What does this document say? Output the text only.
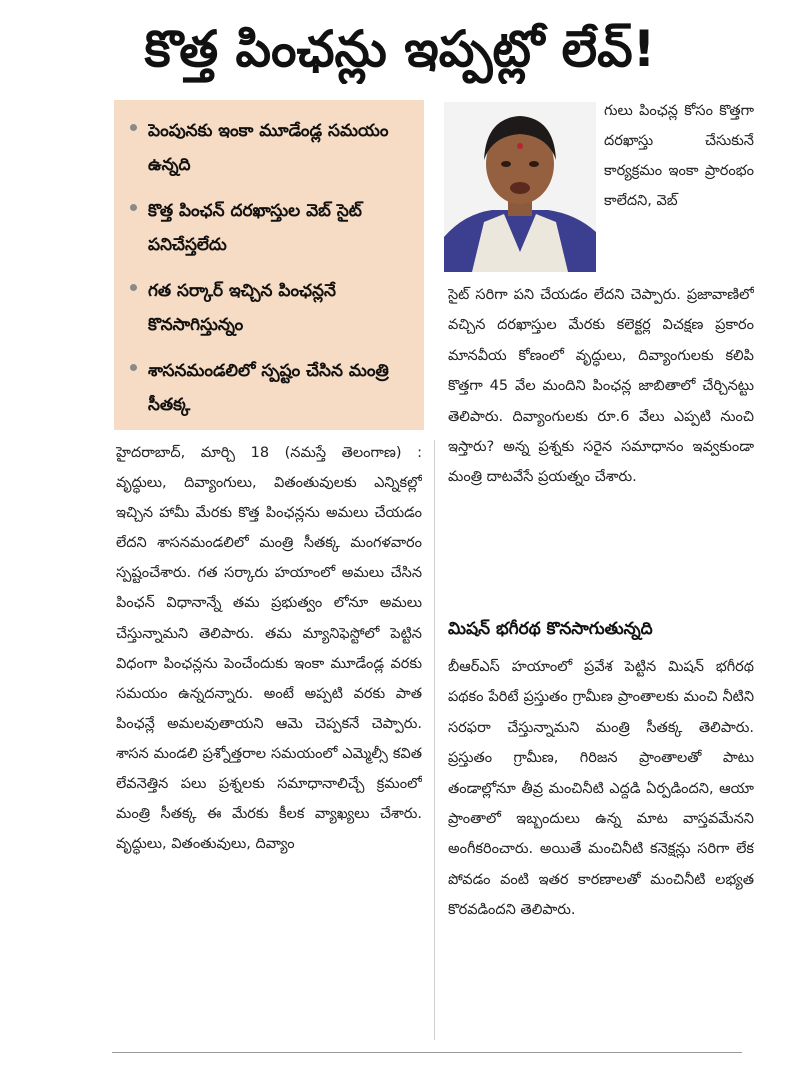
కొత్త పింఛన్లు ఇప్పట్లో లేవ్!
పెంపునకు ఇంకా మూడేండ్ల సమయం ఉన్నది
కొత్త పింఛన్ దరఖాస్తుల వెబ్ సైట్ పనిచేస్తలేదు
గత సర్కార్ ఇచ్చిన పింఛన్లనే కొనసాగిస్తున్నం
శాసనమండలిలో స్పష్టం చేసిన మంత్రి సీతక్క
హైదరాబాద్, మార్చి 18 (నమస్తే తెలంగాణ) : వృద్ధులు, దివ్యాంగులు, వితంతువులకు ఎన్నికల్లో ఇచ్చిన హామీ మేరకు కొత్త పింఛన్లను అమలు చేయడం లేదని శాసనమండలిలో మంత్రి సీతక్క మంగళవారం స్పష్టంచేశారు. గత సర్కారు హయాంలో అమలు చేసిన పింఛన్ విధానాన్నే తమ ప్రభుత్వం లోనూ అమలు చేస్తున్నామని తెలిపారు. తమ మ్యానిఫెస్టోలో పెట్టిన విధంగా పింఛన్లను పెంచేందుకు ఇంకా మూడేండ్ల వరకు సమయం ఉన్నదన్నారు. అంటే అప్పటి వరకు పాత పింఛన్లే అమలవుతాయని ఆమె చెప్పకనే చెప్పారు. శాసన మండలి ప్రశ్నోత్తరాల సమయంలో ఎమ్మెల్సీ కవిత లేవనెత్తిన పలు ప్రశ్నలకు సమాధానాలిచ్చే క్రమంలో మంత్రి సీతక్క ఈ మేరకు కీలక వ్యాఖ్యలు చేశారు. వృద్ధులు, వితంతువులు, దివ్యాం
గులు పింఛన్ల కోసం కొత్తగా దరఖాస్తు చేసుకునే కార్యక్రమం ఇంకా ప్రారంభం కాలేదని, వెబ్
సైట్ సరిగా పని చేయడం లేదని చెప్పారు. ప్రజావాణిలో వచ్చిన దరఖాస్తుల మేరకు కలెక్టర్ల విచక్షణ ప్రకారం మానవీయ కోణంలో వృద్ధులు, దివ్యాంగులకు కలిపి కొత్తగా 45 వేల మందిని పింఛన్ల జాబితాలో చేర్చినట్టు తెలిపారు. దివ్యాంగులకు రూ.6 వేలు ఎప్పటి నుంచి ఇస్తారు? అన్న ప్రశ్నకు సరైన సమాధానం ఇవ్వకుండా మంత్రి దాటవేసే ప్రయత్నం చేశారు.
మిషన్ భగీరథ కొనసాగుతున్నది
బీఆర్ఎస్ హయాంలో ప్రవేశ పెట్టిన మిషన్ భగీరథ పథకం పేరిటే ప్రస్తుతం గ్రామీణ ప్రాంతాలకు మంచి నీటిని సరఫరా చేస్తున్నామని మంత్రి సీతక్క తెలిపారు. ప్రస్తుతం గ్రామీణ, గిరిజన ప్రాంతాలతో పాటు తండాల్లోనూ తీవ్ర మంచినీటి ఎద్దడి ఏర్పడిందని, ఆయా ప్రాంతాలో ఇబ్బందులు ఉన్న మాట వాస్తవమేనని అంగీకరించారు. అయితే మంచినీటి కనెక్షన్లు సరిగా లేక పోవడం వంటి ఇతర కారణాలతో మంచినీటి లభ్యత కొరవడిందని తెలిపారు.
